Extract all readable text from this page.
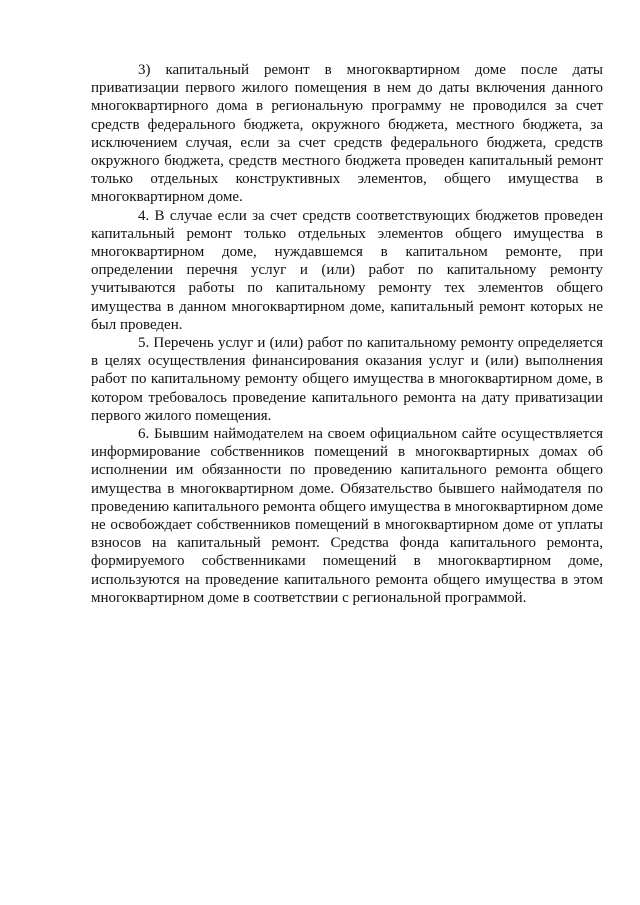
3) капитальный ремонт в многоквартирном доме после даты приватизации первого жилого помещения в нем до даты включения данного многоквартирного дома в региональную программу не проводился за счет средств федерального бюджета, окружного бюджета, местного бюджета, за исключением случая, если за счет средств федерального бюджета, средств окружного бюджета, средств местного бюджета проведен капитальный ремонт только отдельных конструктивных элементов, общего имущества в многоквартирном доме.

4. В случае если за счет средств соответствующих бюджетов проведен капитальный ремонт только отдельных элементов общего имущества в многоквартирном доме, нуждавшемся в капитальном ремонте, при определении перечня услуг и (или) работ по капитальному ремонту учитываются работы по капитальному ремонту тех элементов общего имущества в данном многоквартирном доме, капитальный ремонт которых не был проведен.

5. Перечень услуг и (или) работ по капитальному ремонту определяется в целях осуществления финансирования оказания услуг и (или) выполнения работ по капитальному ремонту общего имущества в многоквартирном доме, в котором требовалось проведение капитального ремонта на дату приватизации первого жилого помещения.

6. Бывшим наймодателем на своем официальном сайте осуществляется информирование собственников помещений в многоквартирных домах об исполнении им обязанности по проведению капитального ремонта общего имущества в многоквартирном доме. Обязательство бывшего наймодателя по проведению капитального ремонта общего имущества в многоквартирном доме не освобождает собственников помещений в многоквартирном доме от уплаты взносов на капитальный ремонт. Средства фонда капитального ремонта, формируемого собственниками помещений в многоквартирном доме, используются на проведение капитального ремонта общего имущества в этом многоквартирном доме в соответствии с региональной программой.
